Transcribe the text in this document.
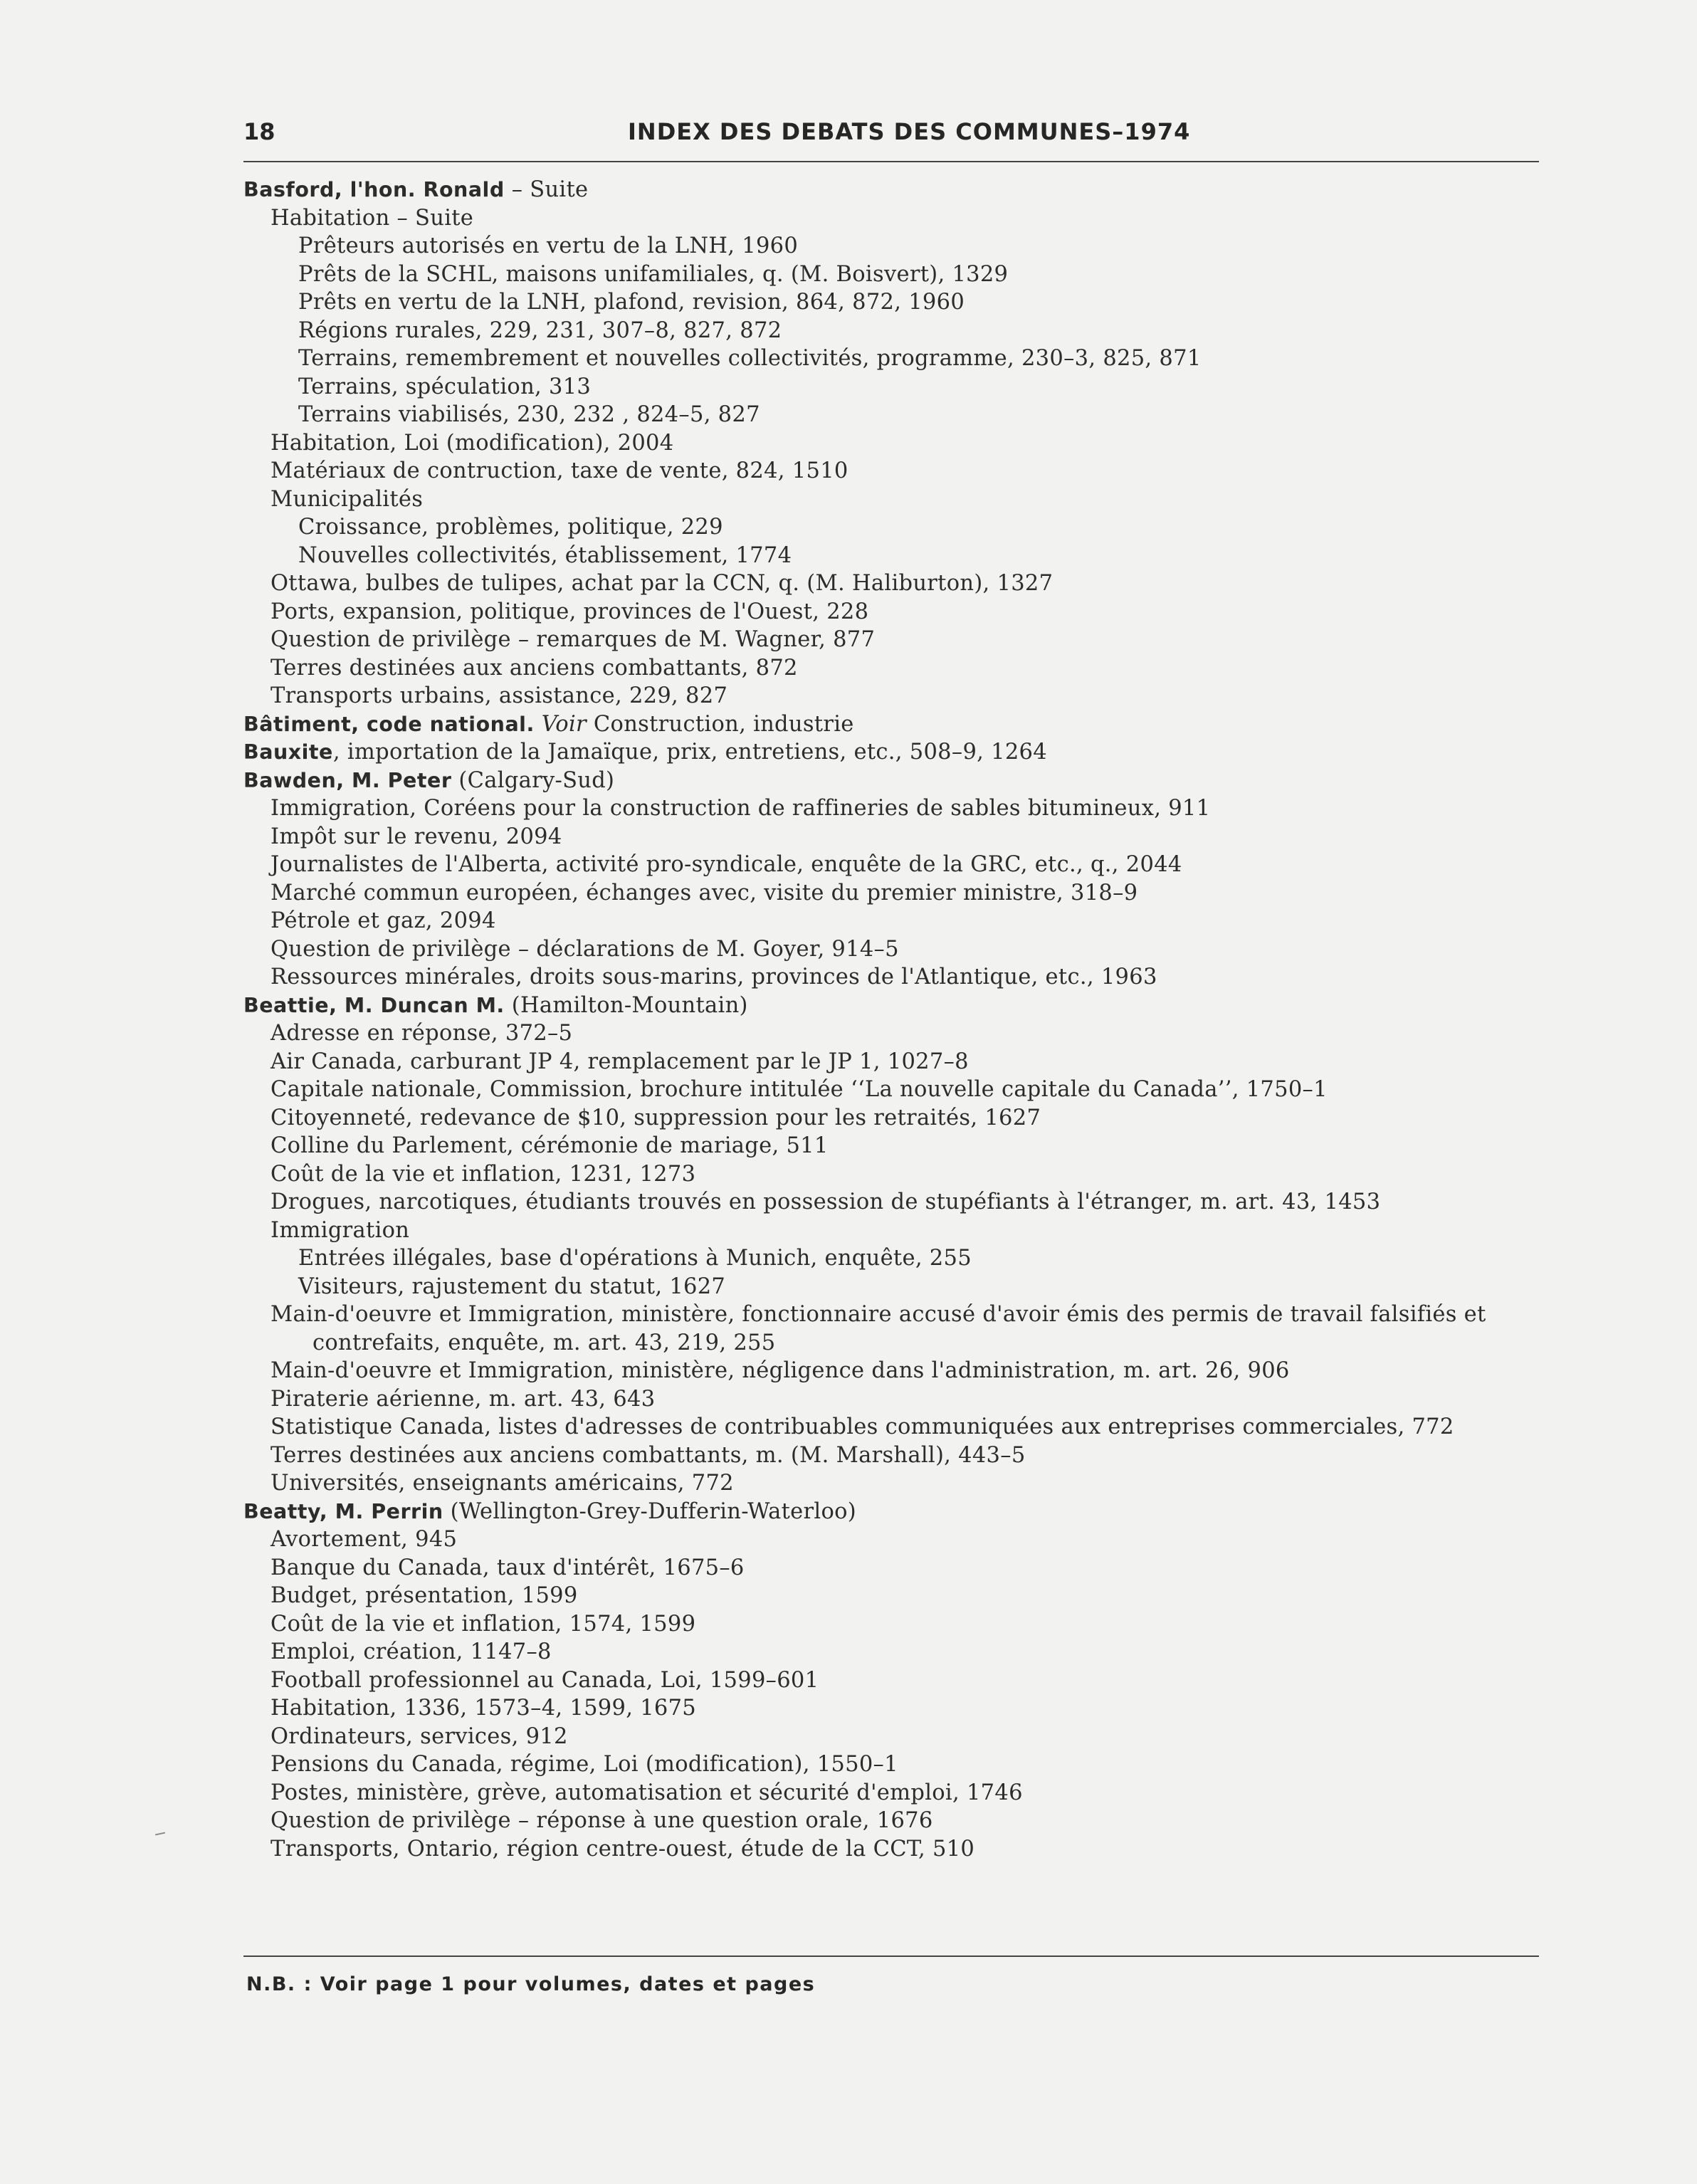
18	INDEX DES DEBATS DES COMMUNES–1974
Basford, l'hon. Ronald – Suite
Habitation – Suite
Prêteurs autorisés en vertu de la LNH, 1960
Prêts de la SCHL, maisons unifamiliales, q. (M. Boisvert), 1329
Prêts en vertu de la LNH, plafond, revision, 864, 872, 1960
Régions rurales, 229, 231, 307–8, 827, 872
Terrains, remembrement et nouvelles collectivités, programme, 230–3, 825, 871
Terrains, spéculation, 313
Terrains viabilisés, 230, 232 , 824–5, 827
Habitation, Loi (modification), 2004
Matériaux de contruction, taxe de vente, 824, 1510
Municipalités
Croissance, problèmes, politique, 229
Nouvelles collectivités, établissement, 1774
Ottawa, bulbes de tulipes, achat par la CCN, q. (M. Haliburton), 1327
Ports, expansion, politique, provinces de l'Ouest, 228
Question de privilège – remarques de M. Wagner, 877
Terres destinées aux anciens combattants, 872
Transports urbains, assistance, 229, 827
Bâtiment, code national. Voir Construction, industrie
Bauxite, importation de la Jamaïque, prix, entretiens, etc., 508–9, 1264
Bawden, M. Peter (Calgary-Sud)
Immigration, Coréens pour la construction de raffineries de sables bitumineux, 911
Impôt sur le revenu, 2094
Journalistes de l'Alberta, activité pro-syndicale, enquête de la GRC, etc., q., 2044
Marché commun européen, échanges avec, visite du premier ministre, 318–9
Pétrole et gaz, 2094
Question de privilège – déclarations de M. Goyer, 914–5
Ressources minérales, droits sous-marins, provinces de l'Atlantique, etc., 1963
Beattie, M. Duncan M. (Hamilton-Mountain)
Adresse en réponse, 372–5
Air Canada, carburant JP 4, remplacement par le JP 1, 1027–8
Capitale nationale, Commission, brochure intitulée ‘‘La nouvelle capitale du Canada’’, 1750–1
Citoyenneté, redevance de $10, suppression pour les retraités, 1627
Colline du Parlement, cérémonie de mariage, 511
Coût de la vie et inflation, 1231, 1273
Drogues, narcotiques, étudiants trouvés en possession de stupéfiants à l'étranger, m. art. 43, 1453
Immigration
Entrées illégales, base d'opérations à Munich, enquête, 255
Visiteurs, rajustement du statut, 1627
Main-d'oeuvre et Immigration, ministère, fonctionnaire accusé d'avoir émis des permis de travail falsifiés et contrefaits, enquête, m. art. 43, 219, 255
Main-d'oeuvre et Immigration, ministère, négligence dans l'administration, m. art. 26, 906
Piraterie aérienne, m. art. 43, 643
Statistique Canada, listes d'adresses de contribuables communiquées aux entreprises commerciales, 772
Terres destinées aux anciens combattants, m. (M. Marshall), 443–5
Universités, enseignants américains, 772
Beatty, M. Perrin (Wellington-Grey-Dufferin-Waterloo)
Avortement, 945
Banque du Canada, taux d'intérêt, 1675–6
Budget, présentation, 1599
Coût de la vie et inflation, 1574, 1599
Emploi, création, 1147–8
Football professionnel au Canada, Loi, 1599–601
Habitation, 1336, 1573–4, 1599, 1675
Ordinateurs, services, 912
Pensions du Canada, régime, Loi (modification), 1550–1
Postes, ministère, grève, automatisation et sécurité d'emploi, 1746
Question de privilège – réponse à une question orale, 1676
Transports, Ontario, région centre-ouest, étude de la CCT, 510
N.B. : Voir page 1 pour volumes, dates et pages
